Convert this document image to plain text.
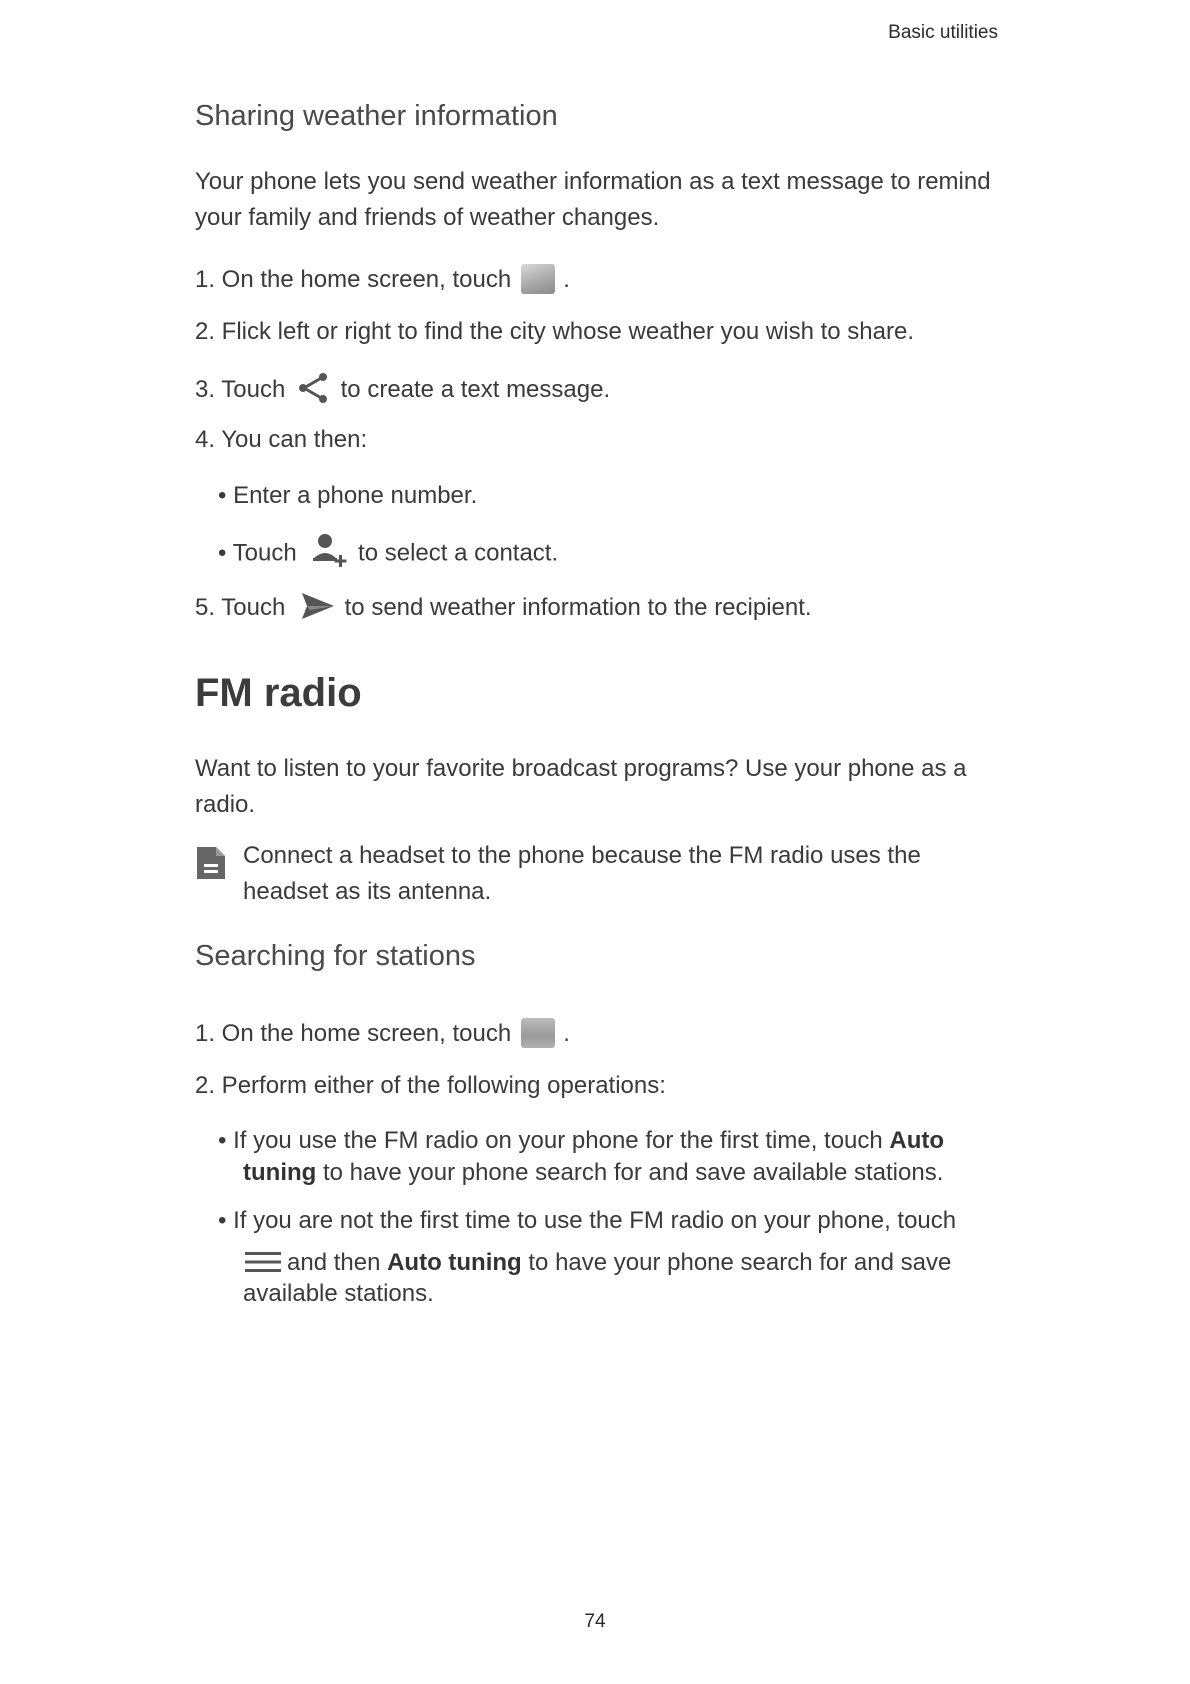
Basic utilities
Sharing weather information
Your phone lets you send weather information as a text message to remind
your family and friends of weather changes.
1. On the home screen, touch .
2. Flick left or right to find the city whose weather you wish to share.
3. Touch to create a text message.
4. You can then:
• Enter a phone number.
• Touch	to select a contact.
5. Touch to send weather information to the recipient.
FM radio
Want to listen to your favorite broadcast programs? Use your phone as a
radio.
Connect a headset to the phone because the FM radio uses the
headset as its antenna.
Searching for stations
1. On the home screen, touch .
2. Perform either of the following operations:
• If you use the FM radio on your phone for the first time, touch Auto
tuning to have your phone search for and save available stations.
• If you are not the first time to use the FM radio on your phone, touch
and then Auto tuning to have your phone search for and save
available stations.
74
